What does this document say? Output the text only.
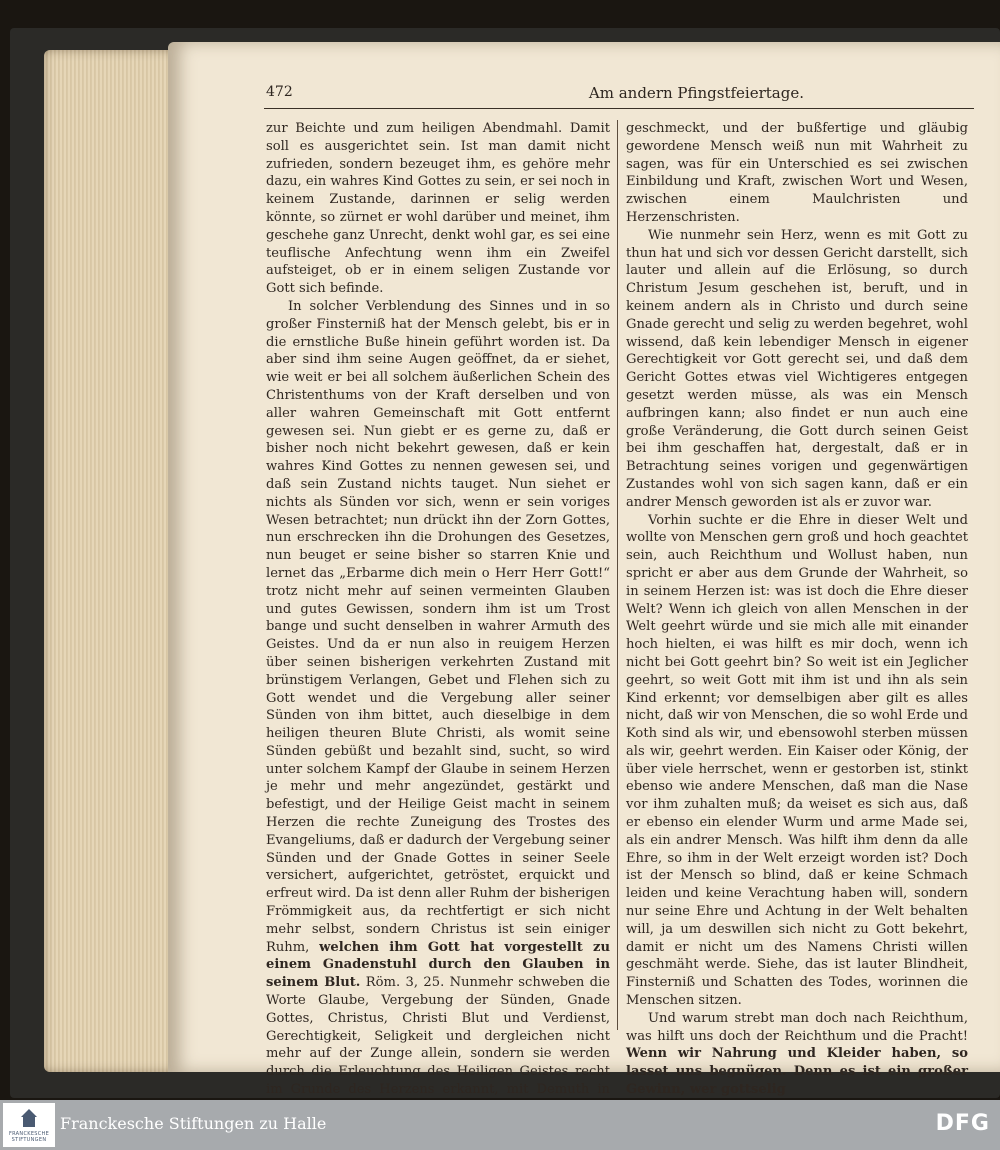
472	Am andern Pfingstfeiertage.

zur Beichte und zum heiligen Abendmahl. Damit soll es ausgerichtet sein. Ist man damit nicht zufrieden, sondern bezeuget ihm, es gehöre mehr dazu, ein wahres Kind Gottes zu sein, er sei noch in keinem Zustande, darinnen er selig werden könnte, so zürnet er wohl darüber und meinet, ihm geschehe ganz Unrecht, denkt wohl gar, es sei eine teuflische Anfechtung wenn ihm ein Zweifel aufsteiget, ob er in einem seligen Zustande vor Gott sich befinde.

In solcher Verblendung des Sinnes und in so großer Finsterniß hat der Mensch gelebt, bis er in die ernstliche Buße hinein geführt worden ist. Da aber sind ihm seine Augen geöffnet, da er siehet, wie weit er bei all solchem äußerlichen Schein des Christenthums von der Kraft derselben und von aller wahren Gemeinschaft mit Gott entfernt gewesen sei. Nun giebt er es gerne zu, daß er bisher noch nicht bekehrt gewesen, daß er kein wahres Kind Gottes zu nennen gewesen sei, und daß sein Zustand nichts tauget. Nun siehet er nichts als Sünden vor sich, wenn er sein voriges Wesen betrachtet; nun drückt ihn der Zorn Gottes, nun erschrecken ihn die Drohungen des Gesetzes, nun beuget er seine bisher so starren Knie und lernet das „Erbarme dich mein o Herr Herr Gott!“ trotz nicht mehr auf seinen vermeinten Glauben und gutes Gewissen, sondern ihm ist um Trost bange und sucht denselben in wahrer Armuth des Geistes. Und da er nun also in reuigem Herzen über seinen bisherigen verkehrten Zustand mit brünstigem Verlangen, Gebet und Flehen sich zu Gott wendet und die Vergebung aller seiner Sünden von ihm bittet, auch dieselbige in dem heiligen theuren Blute Christi, als womit seine Sünden gebüßt und bezahlt sind, sucht, so wird unter solchem Kampf der Glaube in seinem Herzen je mehr und mehr angezündet, gestärkt und befestigt, und der Heilige Geist macht in seinem Herzen die rechte Zuneigung des Trostes des Evangeliums, daß er dadurch der Vergebung seiner Sünden und der Gnade Gottes in seiner Seele versichert, aufgerichtet, getröstet, erquickt und erfreut wird. Da ist denn aller Ruhm der bisherigen Frömmigkeit aus, da rechtfertigt er sich nicht mehr selbst, sondern Christus ist sein einiger Ruhm, welchen ihm Gott hat vorgestellt zu einem Gnadenstuhl durch den Glauben in seinem Blut. Röm. 3, 25. Nunmehr schweben die Worte Glaube, Vergebung der Sünden, Gnade Gottes, Christus, Christi Blut und Verdienst, Gerechtigkeit, Seligkeit und dergleichen nicht mehr auf der Zunge allein, sondern sie werden durch die Erleuchtung des Heiligen Geistes recht im Grunde des Herzens erkannt, mit Demuth in

geschmeckt, und der bußfertige und gläubig gewordene Mensch weiß nun mit Wahrheit zu sagen, was für ein Unterschied es sei zwischen Einbildung und Kraft, zwischen Wort und Wesen, zwischen einem Maulchristen und Herzenschristen.

Wie nunmehr sein Herz, wenn es mit Gott zu thun hat und sich vor dessen Gericht darstellt, sich lauter und allein auf die Erlösung, so durch Christum Jesum geschehen ist, beruft, und in keinem andern als in Christo und durch seine Gnade gerecht und selig zu werden begehret, wohl wissend, daß kein lebendiger Mensch in eigener Gerechtigkeit vor Gott gerecht sei, und daß dem Gericht Gottes etwas viel Wichtigeres entgegen gesetzt werden müsse, als was ein Mensch aufbringen kann; also findet er nun auch eine große Veränderung, die Gott durch seinen Geist bei ihm geschaffen hat, dergestalt, daß er in Betrachtung seines vorigen und gegenwärtigen Zustandes wohl von sich sagen kann, daß er ein andrer Mensch geworden ist als er zuvor war.

Vorhin suchte er die Ehre in dieser Welt und wollte von Menschen gern groß und hoch geachtet sein, auch Reichthum und Wollust haben, nun spricht er aber aus dem Grunde der Wahrheit, so in seinem Herzen ist: was ist doch die Ehre dieser Welt? Wenn ich gleich von allen Menschen in der Welt geehrt würde und sie mich alle mit einander hoch hielten, ei was hilft es mir doch, wenn ich nicht bei Gott geehrt bin? So weit ist ein Jeglicher geehrt, so weit Gott mit ihm ist und ihn als sein Kind erkennt; vor demselbigen aber gilt es alles nicht, daß wir von Menschen, die so wohl Erde und Koth sind als wir, und ebensowohl sterben müssen als wir, geehrt werden. Ein Kaiser oder König, der über viele herrschet, wenn er gestorben ist, stinkt ebenso wie andere Menschen, daß man die Nase vor ihm zuhalten muß; da weiset es sich aus, daß er ebenso ein elender Wurm und arme Made sei, als ein andrer Mensch. Was hilft ihm denn da alle Ehre, so ihm in der Welt erzeigt worden ist? Doch ist der Mensch so blind, daß er keine Schmach leiden und keine Verachtung haben will, sondern nur seine Ehre und Achtung in der Welt behalten will, ja um deswillen sich nicht zu Gott bekehrt, damit er nicht um des Namens Christi willen geschmäht werde. Siehe, das ist lauter Blindheit, Finsterniß und Schatten des Todes, worinnen die Menschen sitzen.

Und warum strebt man doch nach Reichthum, was hilft uns doch der Reichthum und die Pracht! Wenn wir Nahrung und Kleider haben, so lasset uns begnügen. Denn es ist ein großer Gewinn, wer gottselig

FRANCKESCHE STIFTUNGEN
Franckesche Stiftungen zu Halle	DFG
